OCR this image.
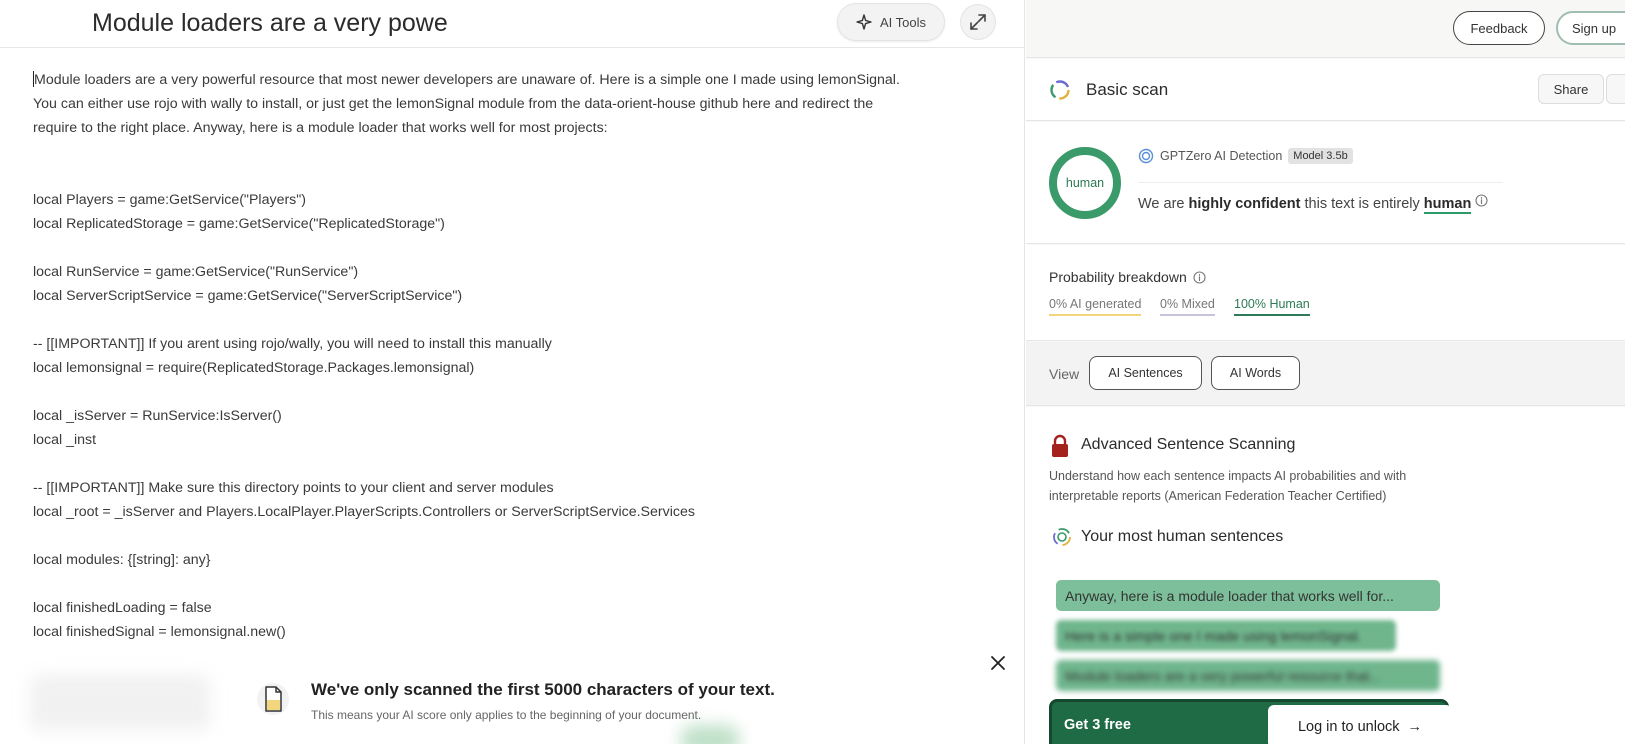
Module loaders are a very powe	AI Tools
Module loaders are a very powerful resource that most newer developers are unaware of. Here is a simple one I made using lemonSignal.
You can either use rojo with wally to install, or just get the lemonSignal module from the data-orient-house github here and redirect the
require to the right place. Anyway, here is a module loader that works well for most projects:
local Players = game:GetService("Players")
local ReplicatedStorage = game:GetService("ReplicatedStorage")
local RunService = game:GetService("RunService")
local ServerScriptService = game:GetService("ServerScriptService")
-- [[IMPORTANT]] If you arent using rojo/wally, you will need to install this manually
local lemonsignal = require(ReplicatedStorage.Packages.lemonsignal)
local _isServer = RunService:IsServer()
local _inst
-- [[IMPORTANT]] Make sure this directory points to your client and server modules
local _root = _isServer and Players.LocalPlayer.PlayerScripts.Controllers or ServerScriptService.Services
local modules: {[string]: any}
local finishedLoading = false
local finishedSignal = lemonsignal.new()
We've only scanned the first 5000 characters of your text.
This means your AI score only applies to the beginning of your document.
Feedback	Sign up
Basic scan	Share
human
GPTZero AI Detection	Model 3.5b
We are highly confident this text is entirely human
Probability breakdown
0% AI generated 0% Mixed 100% Human
View	AI Sentences	AI Words
Advanced Sentence Scanning
Understand how each sentence impacts AI probabilities and with interpretable reports (American Federation Teacher Certified)
Your most human sentences
Anyway, here is a module loader that works well for...
Here is a simple one I made using lemonSignal.
Module loaders are a very powerful resource that...
Get 3 free	Log in to unlock →
